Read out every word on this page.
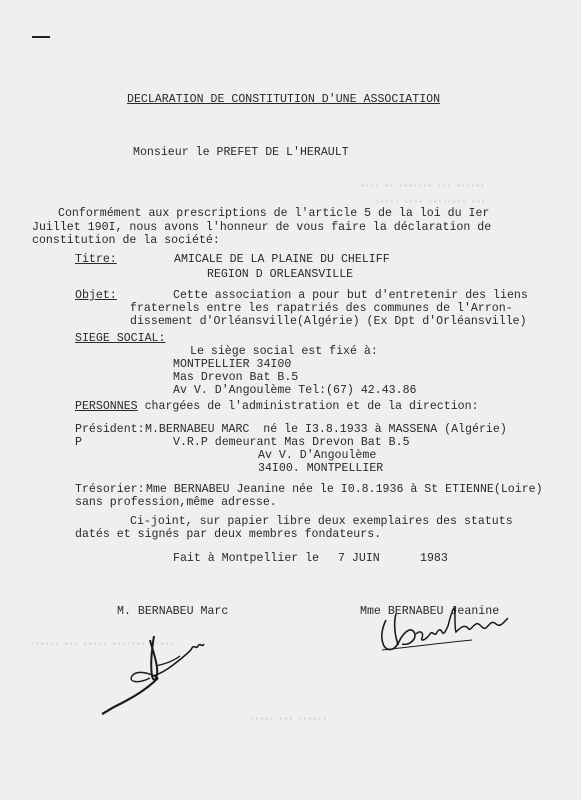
▪▪▪▪ ▪▪ ▪▪▪▪▪▪▪ ▪▪▪ ▪▪▪▪▪▪
▪▪▪▪▪ ▪▪▪▪ ▪▪▪▪▪▪▪▪ ▪▪▪
▪▪▪▪▪▪ ▪▪▪ ▪▪▪▪▪ ▪▪▪▪▪▪▪ ▪▪▪▪▪
▪▪▪▪▪ ▪▪▪ ▪▪▪▪▪▪
DECLARATION DE CONSTITUTION D'UNE ASSOCIATION
Monsieur le PREFET DE L'HERAULT
Conformément aux prescriptions de l'article 5 de la loi du Ier
Juillet 190I, nous avons l'honneur de vous faire la déclaration de
constitution de la société:
Titre:	AMICALE DE LA PLAINE DU CHELIFF
REGION D ORLEANSVILLE
Objet:	Cette association a pour but d'entretenir des liens
fraternels entre les rapatriés des communes de l'Arron-
dissement d'Orléansville(Algérie) (Ex Dpt d'Orléansville)
SIEGE SOCIAL:
Le siège social est fixé à:
MONTPELLIER 34I00
Mas Drevon Bat B.5
Av V. D'Angoulème Tel:(67) 42.43.86
PERSONNES chargées de l'administration et de la direction:
Président: M.BERNABEU MARC  né le I3.8.1933 à MASSENA (Algérie)
P	V.R.P demeurant Mas Drevon Bat B.5
Av V. D'Angoulème
34I00. MONTPELLIER
Trésorier: Mme BERNABEU Jeanine née le I0.8.1936 à St ETIENNE(Loire)
sans profession,même adresse.
Ci-joint, sur papier libre deux exemplaires des statuts
datés et signés par deux membres fondateurs.
Fait à Montpellier le 7 JUIN	1983
M. BERNABEU Marc	Mme BERNABEU Jeanine
